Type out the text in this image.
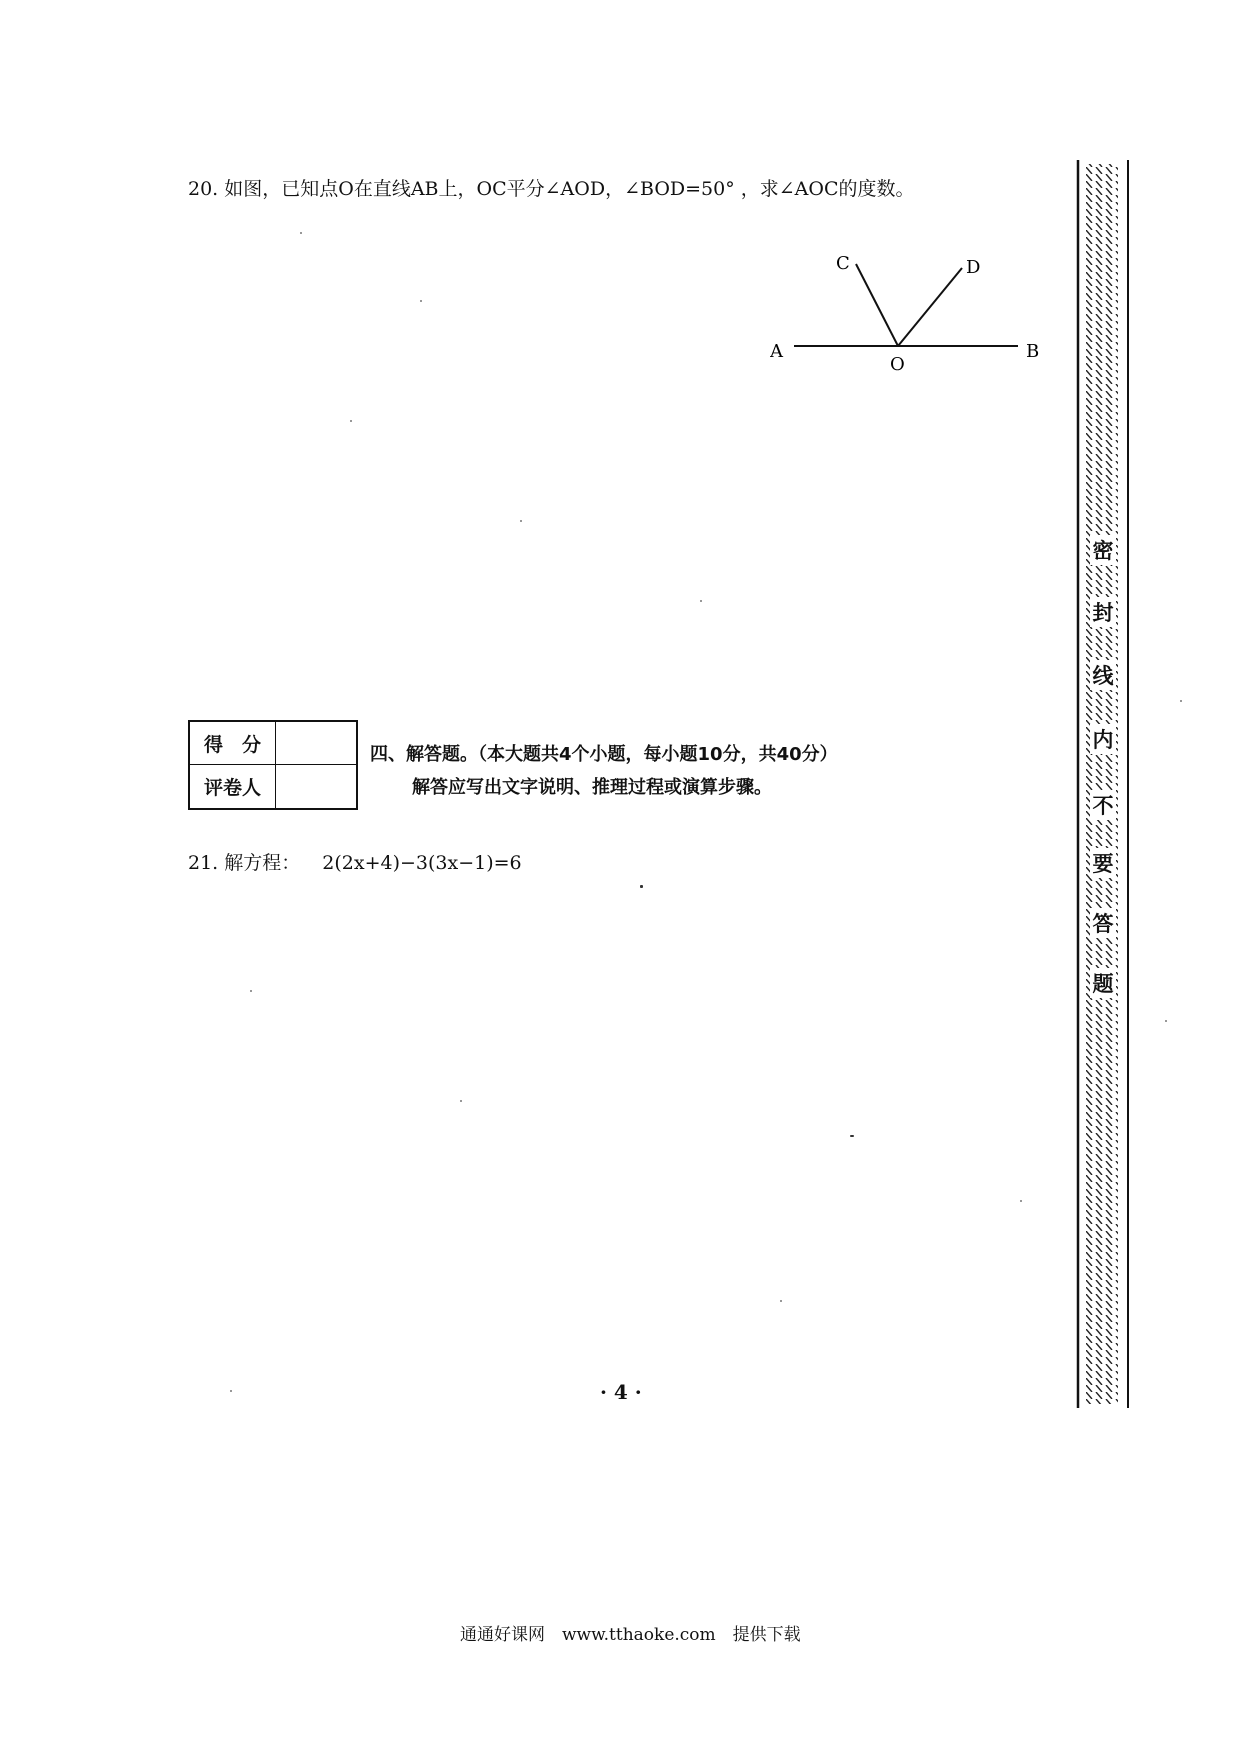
20. 如图，已知点O在直线AB上，OC平分∠AOD，∠BOD=50° ，求∠AOC的度数。
A
O
B
C	D
得　分
评卷人
四、解答题。（本大题共4个小题，每小题10分，共40分）
解答应写出文字说明、推理过程或演算步骤。
21. 解方程： 2(2x+4)−3(3x−1)=6
· 4 ·
密
封
线
内
不
要
答
题
通通好课网　www.tthaoke.com　提供下载
